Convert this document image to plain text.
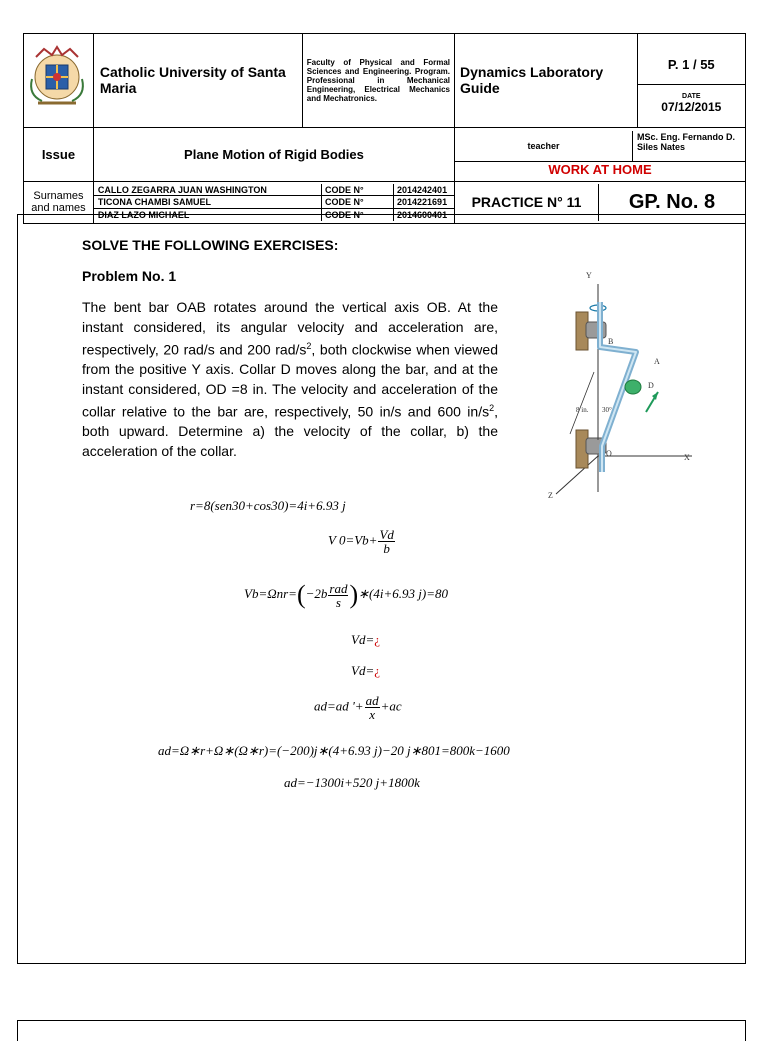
Catholic University of Santa Maria

Faculty of Physical and Formal Sciences and Engineering. Program. Professional in Mechanical Engineering, Electrical Mechanics and Mechatronics.

Dynamics Laboratory Guide

P. 1 / 55
DATE
07/12/2015

Issue	Plane Motion of Rigid Bodies	
teacher
MSc. Eng. Fernando D. Siles Nates
WORK AT HOME

Surnames and names	
CALLO ZEGARRA JUAN WASHINGTON	CODE N°	2014242401
TICONA CHAMBI SAMUEL	CODE N°	2014221691
DIAZ LAZO MICHAEL	CODE N°	2014600401

PRACTICE N° 11	GP. No. 8
SOLVE THE FOLLOWING EXERCISES:
Problem No. 1

The bent bar OAB rotates around the vertical axis OB. At the instant considered, its angular velocity and acceleration are, respectively, 20 rad/s and 200 rad/$s^2$, both clockwise when viewed from the positive Y axis. Collar D moves along the bar, and at the instant considered, OD =8 in. The velocity and acceleration of the collar relative to the bar are, respectively, 50 in/s and 600 $in/s^2$, both upward. Determine a) the velocity of the collar, b) the acceleration of the collar.

Y
B
A
D
8 in. 30°
O	X
Z
r=8(sen30+cos30)=4i+6.93 j
V $0=Vb+ \frac{Vd}{b}$
$Vb=\Omega nr=(-2b \frac{\text{rad}}{s}$ )∗(4i+6.93 j)=80
Vd=¿
Vd=¿
ad=ad '+ $\frac{ad}{x} +ac$
ad=Ω∗r+Ω∗(Ω∗r)=(−200)j∗(4+6.93 j)−20 j∗801=800k−1600
ad=−1300i+520 j+1800k
